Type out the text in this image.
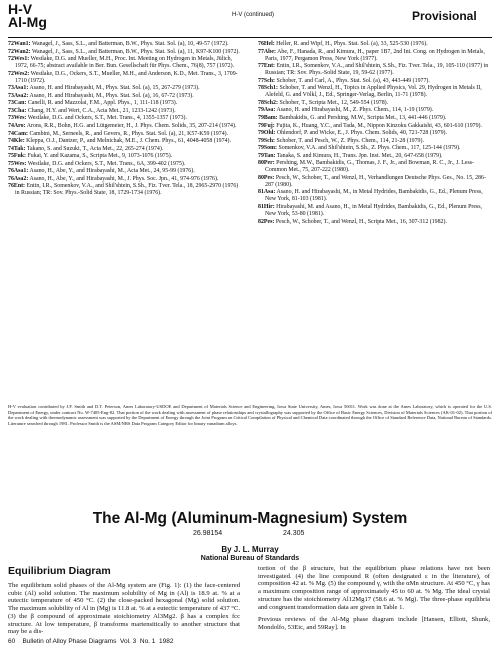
H-V
Al-Mg	H-V (continued)	Provisional
72Wan1: Wanagel, J., Sass, S.L., and Batterman, B.W., Phys. Stat. Sol. (a), 10, 49-57 (1972).
72Wan2: Wanagel, J., Sass, S.L., and Batterman, B.W., Phys. Stat. Sol. (a), 11, K97-K100 (1972).
72Wes1: Westlake, D.G. and Mueller, M.H., Proc. Int. Meeting on Hydrogen in Metals, Jülich, 1972, 66-75; abstract available in Ber. Bun. Gesellschaft für Phys. Chem., 76(8), 757 (1972).
72Wes2: Westlake, D.G., Ockers, S.T., Mueller, M.H., and Anderson, K.D., Met. Trans., 3, 1709-1710 (1972).
73Asa1: Asano, H. and Hirabayashi, M., Phys. Stat. Sol. (a), 15, 267-279 (1973).
73Asa2: Asano, H. and Hirabayashi, M., Phys. Stat. Sol. (a), 16, 67-72 (1973).
73Can: Canelli, R. and Mazzolai, F.M., Appl. Phys., 1, 111-118 (1973).
73Cha: Chang, H.Y. and Wert, C.A., Acta Met., 21, 1233-1242 (1973).
73Wes: Westlake, D.G. and Ockers, S.T., Met. Trans., 4, 1355-1357 (1973).
74Aro: Arons, R.R., Bohn, H.G. and Lütgemeier, H., J. Phys. Chem. Solids, 35, 207-214 (1974).
74Cam: Cambini, M., Serneels, R., and Gevers, R., Phys. Stat. Sol. (a), 21, K57-K59 (1974).
74Kle: Kleppa, O.J., Dantzer, P., and Melnichak, M.E., J. Chem. Phys., 61, 4048-4058 (1974).
74Tak: Takano, S. and Suzuki, T., Acta Met., 22, 265-274 (1974).
75Fuk: Fukai, Y. and Kazama, S., Scripta Met., 9, 1073-1076 (1975).
75Wes: Westlake, D.G. and Ockers, S.T., Met. Trans., 6A, 399-402 (1975).
76Asa1: Asano, H., Abe, Y., and Hirabayashi, M., Acta Met., 24, 95-99 (1976).
76Asa2: Asano, H., Abe, Y., and Hirabayashi, M., J. Phys. Soc. Jpn., 41, 974-976 (1976).
76Ent: Entin, I.R., Somenkov, V.A., and Shil'shtein, S.Sh., Fiz. Tver. Tela., 18, 2965-2970 (1976) in Russian; TR: Sov. Phys.-Solid State, 18, 1729-1734 (1976).
76Hel: Heller, R. and Wipf, H., Phys. Stat. Sol. (a), 33, 525-530 (1976).
77Abe: Abe, F., Hanada, R., and Kimura, H., paper 1B7, 2nd Int. Cong. on Hydrogen in Metals, Paris, 1977, Pergamon Press, New York (1977).
77Ent: Entin, I.R., Somenkov, V.A., and Shil'shtein, S.Sh., Fiz. Tver. Tela., 19, 105-110 (1977) in Russian; TR: Sov. Phys.-Solid State, 19, 59-62 (1977).
77Sch: Schober, T. and Carl, A., Phys. Stat. Sol. (a), 43, 443-449 (1977).
78Sch1: Schober, T. and Wenzl, H., Topics in Applied Physics, Vol. 29, Hydrogen in Metals II, Alefeld, G. and Völkl, J., Ed., Springer-Verlag, Berlin, 11-71 (1978).
78Sch2: Schober, T., Scripta Met., 12, 549-554 (1978).
79Asa: Asano, H. and Hirabayashi, M., Z. Phys. Chem., 114, 1-19 (1979).
79Bam: Bambakidis, G. and Pershing, M.W., Scripta Met., 13, 441-446 (1979).
79Fuj: Fujita, K., Huang, Y.C., and Tada, M., Nippon Kinzoku Gakkaishi, 43, 601-610 (1979).
79Ohl: Ohlendorf, P. and Wicke, E., J. Phys. Chem. Solids, 40, 721-728 (1979).
79Sch: Schober, T. and Pesch, W., Z. Phys. Chem., 114, 21-28 (1979).
79Som: Somenkov, V.A. and Shil'shtein, S.Sh., Z. Phys. Chem., 117, 125-144 (1979).
79Tan: Tanaka, S. and Kimura, H., Trans. Jpn. Inst. Met., 20, 647-658 (1979).
80Per: Pershing, M.W., Bambakidis, G., Thomas, J. F., Jr., and Bowman, R. C., Jr., J. Less-Common Met., 75, 207-222 (1980).
80Pes: Pesch, W., Schober, T., and Wenzl, H., Verhandlungen Deutsche Phys. Ges., No. 15, 286-287 (1980).
81Asa: Asano, H. and Hirabayashi, M., in Metal Hydrides, Bambakidis, G., Ed., Plenum Press, New York, 81-103 (1981).
81Hir: Hirabayashi, M. and Asano, H., in Metal Hydrides, Bambakidis, G., Ed., Plenum Press, New York, 53-80 (1981).
82Pes: Pesch, W., Schober, T., and Wenzl, H., Scripta Met., 16, 307-312 (1982).
H-V evaluation contributed by J.F. Smith and D.T. Peterson, Ames Laboratory-USDOE and Department of Materials Science and Engineering, Iowa State University, Ames, Iowa 50011. Work was done at the Ames Laboratory, which is operated for the U.S. Department of Energy, under contract No. W-7405-Eng-82. That portion of the work dealing with assessment of phase relationships and crystallography was supported by the Office of Basic Energy Sciences, Division of Materials Sciences (AK-01-02). That portion of the work dealing with thermodynamic assessment was supported by the Department of Energy through the Joint Program on Critical Compilation of Physical and Chemical Data coordinated through the Office of Standard Reference Data, National Bureau of Standards. Literature searched through 1981. Professor Smith is the ASM/NBS Data Program Category Editor for binary vanadium alloys.
The Al-Mg (Aluminum-Magnesium) System
26.98154	24.305
By J. L. Murray
National Bureau of Standards
Equilibrium Diagram
The equilibrium solid phases of the Al-Mg system are (Fig. 1): (1) the face-centered cubic (Al) solid solution. The maximum solubility of Mg in (Al) is 18.9 at. % at a eutectic temperature of 450 °C. (2) the close-packed hexagonal (Mg) solid solution. The maximum solubility of Al in (Mg) is 11.8 at. % at a eutectic temperature of 437 °C. (3) the β compound of approximate stoichiometry Al3Mg2. β has a complex fcc structure. At low temperature, β transforms martensitically to another structure that may be a dis-

tortion of the β structure, but the equilibrium phase relations have not been investigated. (4) the line compound R (often designated ε in the literature), of composition 42 at. % Mg. (5) the compound γ, with the αMn structure. At 450 °C, γ has a maximum composition range of approximately 45 to 60 at. % Mg. The ideal crystal structure has the stoichiometry Al12Mg17 (58.6 at. % Mg). The three-phase equilibria and congruent transformation data are given in Table 1.

Previous reviews of the Al-Mg phase diagram include [Hansen, Elliott, Shunk, Mondolfo, 53Eic, and 59Ray]. In

60    Bulletin of Alloy Phase Diagrams  Vol. 3  No. 1  1982
